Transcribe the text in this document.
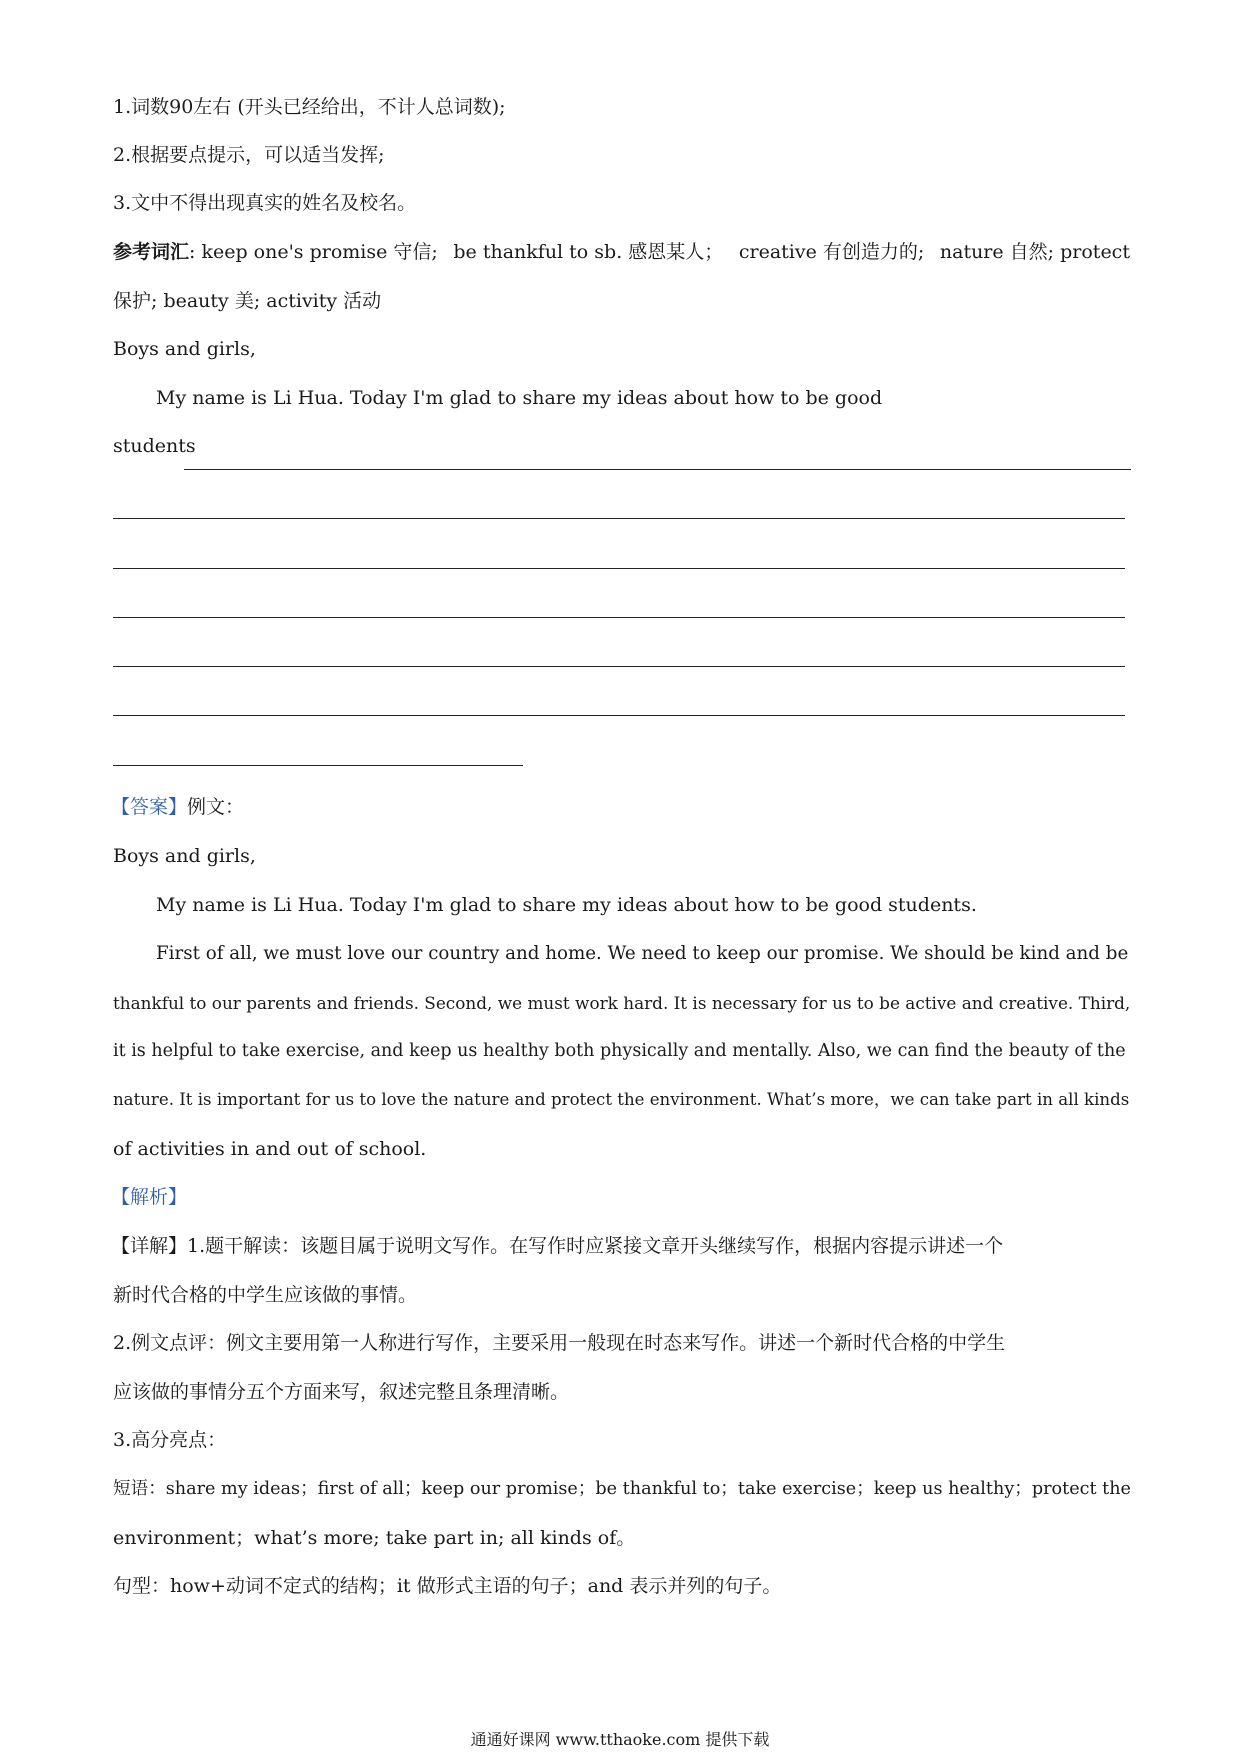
1.词数90左右 (开头已经给出，不计人总词数);
2.根据要点提示，可以适当发挥;
3.文中不得出现真实的姓名及校名。
参考词汇: keep one's promise 守信; be thankful to sb. 感恩某人； creative 有创造力的; nature 自然; protect
保护; beauty 美; activity 活动
Boys and girls,
My name is Li Hua. Today I'm glad to share my ideas about how to be good
students
【答案】例文：
Boys and girls,
My name is Li Hua. Today I'm glad to share my ideas about how to be good students.
First of all, we must love our country and home. We need to keep our promise. We should be kind and be
thankful to our parents and friends. Second, we must work hard. It is necessary for us to be active and creative. Third,
it is helpful to take exercise, and keep us healthy both physically and mentally. Also, we can find the beauty of the
nature. It is important for us to love the nature and protect the environment. What’s more，we can take part in all kinds
of activities in and out of school.
【解析】
【详解】1.题干解读：该题目属于说明文写作。在写作时应紧接文章开头继续写作，根据内容提示讲述一个
新时代合格的中学生应该做的事情。
2.例文点评：例文主要用第一人称进行写作，主要采用一般现在时态来写作。讲述一个新时代合格的中学生
应该做的事情分五个方面来写，叙述完整且条理清晰。
3.高分亮点：
短语：share my ideas；first of all；keep our promise；be thankful to；take exercise；keep us healthy；protect the
environment；what’s more; take part in; all kinds of。
句型：how+动词不定式的结构；it 做形式主语的句子；and 表示并列的句子。
通通好课网 www.tthaoke.com 提供下载
